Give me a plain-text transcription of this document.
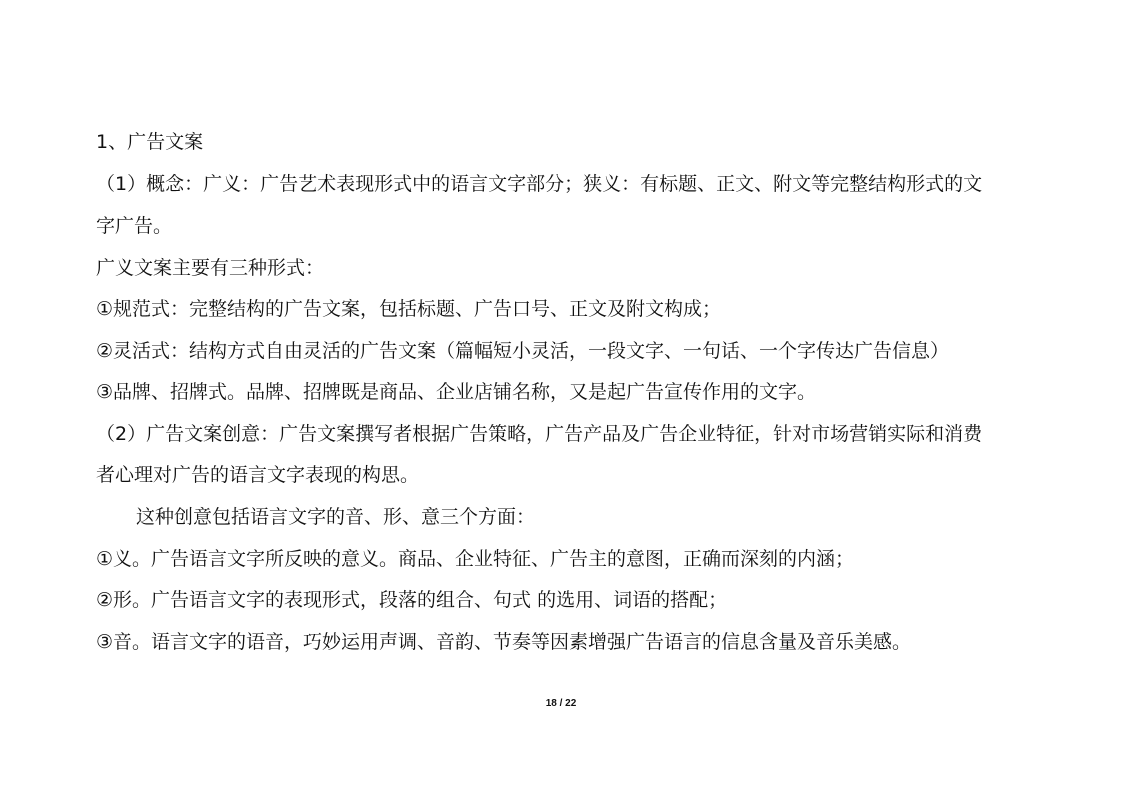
1、广告文案
（1）概念：广义：广告艺术表现形式中的语言文字部分；狭义：有标题、正文、附文等完整结构形式的文
字广告。
广义文案主要有三种形式：
①规范式：完整结构的广告文案，包括标题、广告口号、正文及附文构成；
②灵活式：结构方式自由灵活的广告文案（篇幅短小灵活，一段文字、一句话、一个字传达广告信息）
③品牌、招牌式。品牌、招牌既是商品、企业店铺名称，又是起广告宣传作用的文字。
（2）广告文案创意：广告文案撰写者根据广告策略，广告产品及广告企业特征，针对市场营销实际和消费
者心理对广告的语言文字表现的构思。
这种创意包括语言文字的音、形、意三个方面：
①义。广告语言文字所反映的意义。商品、企业特征、广告主的意图，正确而深刻的内涵；
②形。广告语言文字的表现形式，段落的组合、句式 的选用、词语的搭配；
③音。语言文字的语音，巧妙运用声调、音韵、节奏等因素增强广告语言的信息含量及音乐美感。
18 / 22
